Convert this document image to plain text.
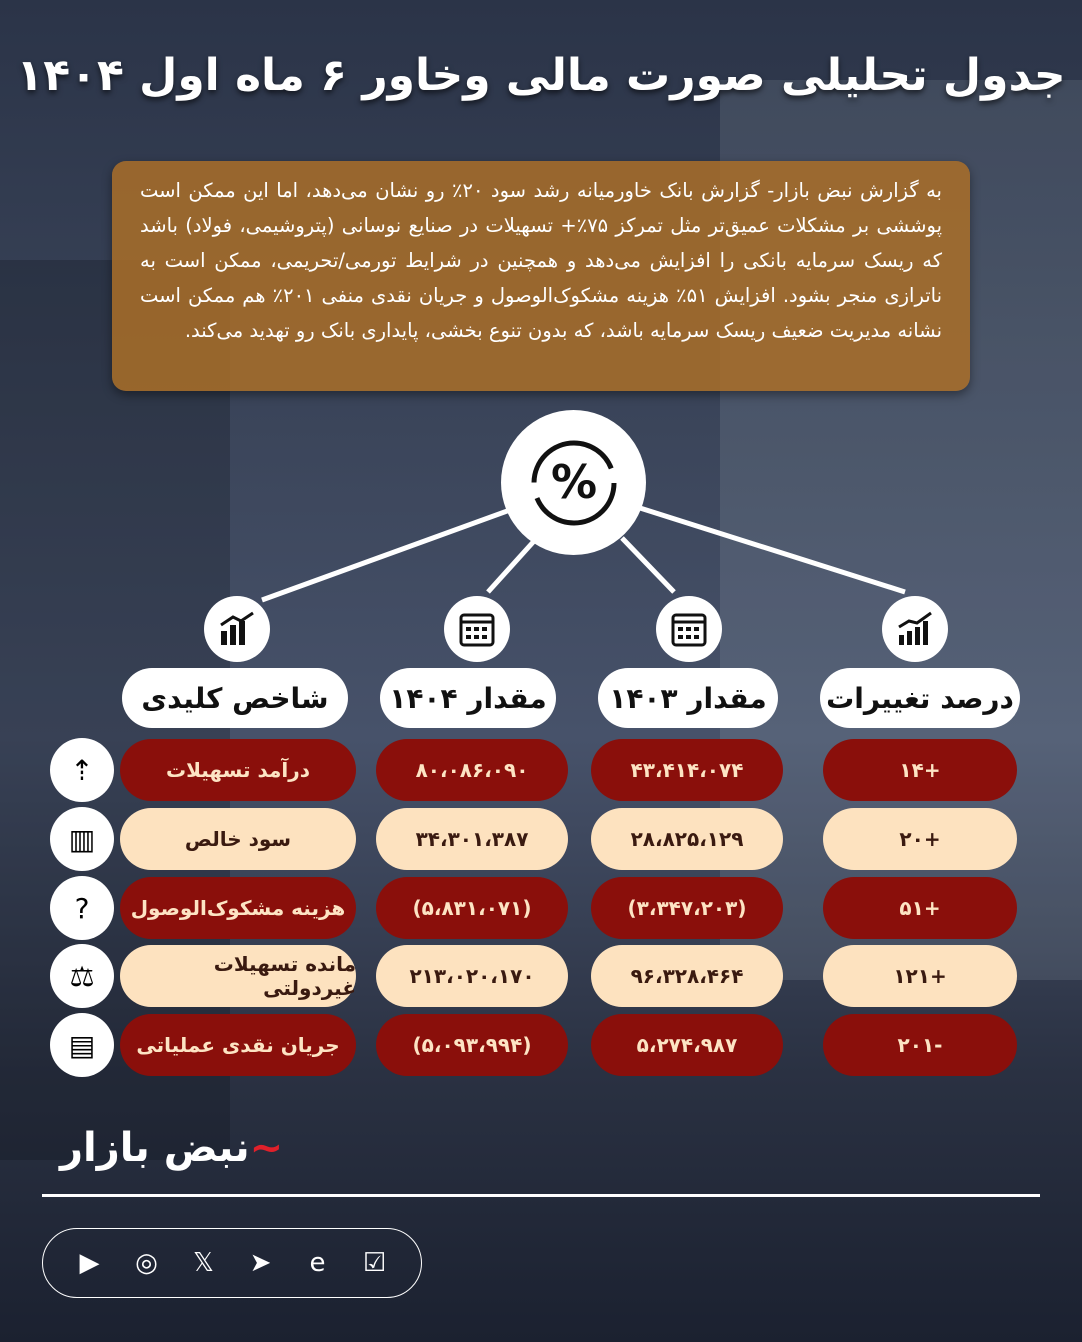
جدول تحلیلی صورت مالی وخاور ۶ ماه اول ۱۴۰۴
به گزارش نبض بازار- گزارش بانک خاورمیانه رشد سود ۲۰٪ رو نشان می‌دهد، اما این ممکن است پوششی بر مشکلات عمیق‌تر مثل تمرکز ۷۵٪+ تسهیلات در صنایع نوسانی (پتروشیمی، فولاد) باشد که ریسک سرمایه بانکی را افزایش می‌دهد و همچنین در شرایط تورمی/تحریمی، ممکن است به ناترازی منجر بشود. افزایش ۵۱٪ هزینه مشکوک‌الوصول و جریان نقدی منفی ۲۰۱٪ هم ممکن است نشانه مدیریت ضعیف ریسک سرمایه باشد، که بدون تنوع بخشی، پایداری بانک رو تهدید می‌کند.
%
شاخص کلیدی	مقدار ۱۴۰۴	مقدار ۱۴۰۳	درصد تغییرات
⇡	درآمد تسهیلات	۸۰،۰۸۶،۰۹۰	۴۳،۴۱۴،۰۷۴	+۱۴
▥	سود خالص	۳۴،۳۰۱،۳۸۷	۲۸،۸۲۵،۱۲۹	+۲۰
?	هزینه مشکوک‌الوصول	(۵،۸۳۱،۰۷۱)	(۳،۳۴۷،۲۰۳)	+۵۱
⚖	مانده تسهیلات غیردولتی	۲۱۳،۰۲۰،۱۷۰	۹۶،۳۲۸،۴۶۴	+۱۲۱
▤	جریان نقدی عملیاتی	(۵،۰۹۳،۹۹۴)	۵،۲۷۴،۹۸۷	-۲۰۱
~نبض بازار
▶ ◎ 𝕏 ➤	e	☑
